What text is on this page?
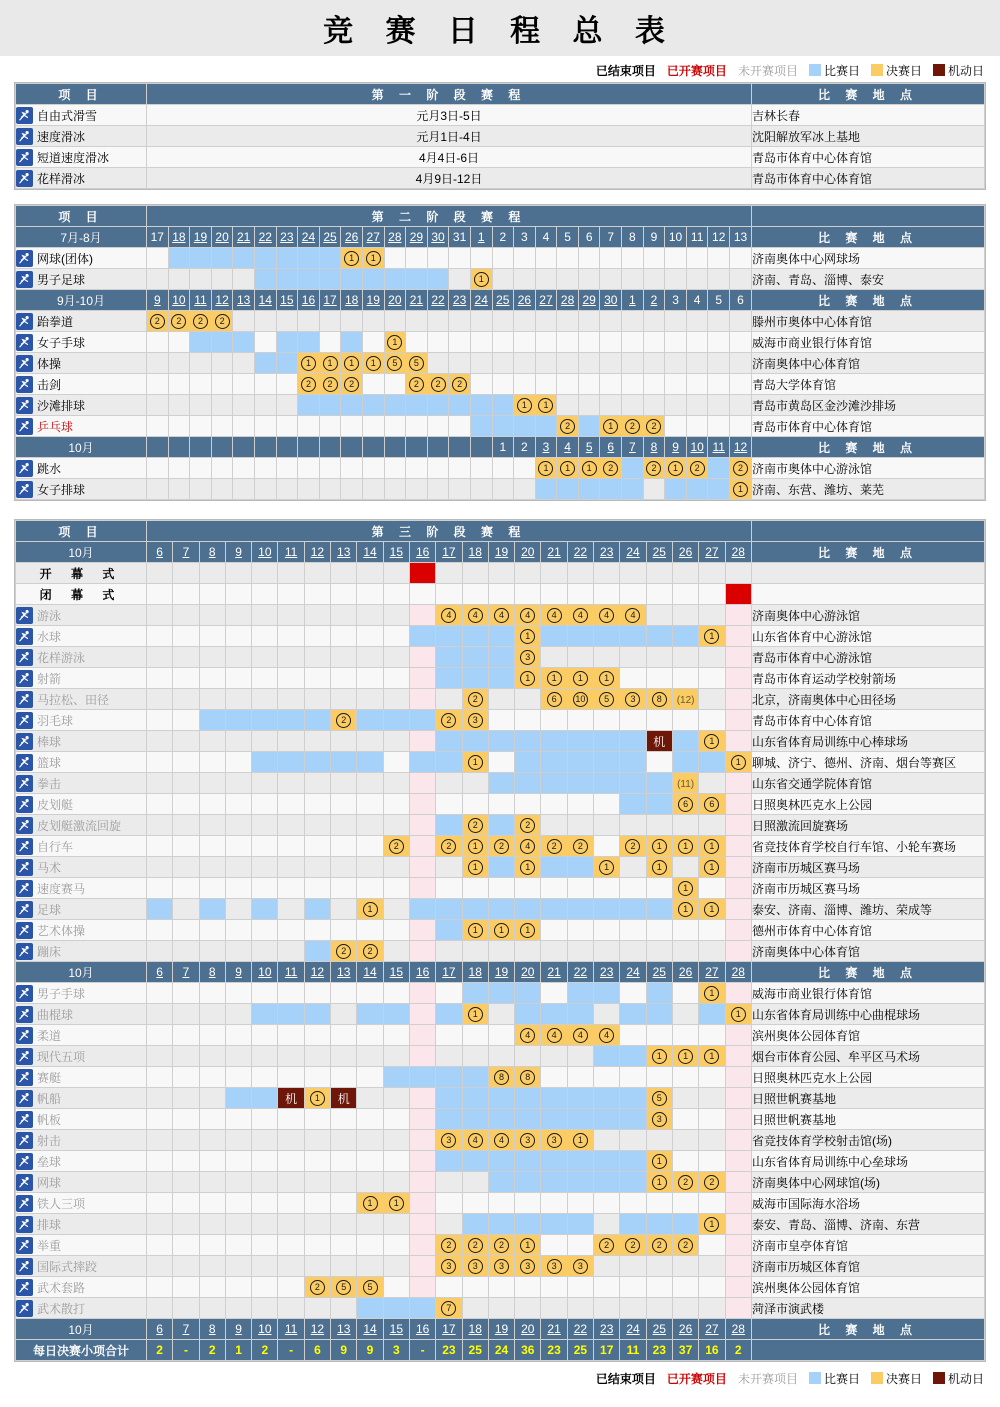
竞 赛 日 程 总 表
已结束项目 已开赛项目 未开赛项目 比赛日 决赛日 机动日
项 目	第 一 阶 段 赛 程	比 赛 地 点

自由式滑雪	元月3日-5日	吉林长春

速度滑冰	元月1日-4日	沈阳解放军冰上基地

短道速度滑冰	4月4日-6日	青岛市体育中心体育馆

花样滑冰	4月9日-12日	青岛市体育中心体育馆
项 目	第 二 阶 段 赛 程																												
7月-8月	17	18	19	20	21	22	23	24	25	26	27	28	29	30	31	1	2	3	4	5	6	7	8	9	10	11	12	13	比 赛 地 点

网球(团体)										1	1																		济南奥体中心网球场

男子足球																1													济南、青岛、淄博、泰安
9月-10月	9	10	11	12	13	14	15	16	17	18	19	20	21	22	23	24	25	26	27	28	29	30	1	2	3	4	5	6	比 赛 地 点

跆拳道	2	2	2	2																									滕州市奥体中心体育馆

女子手球												1																	威海市商业银行体育馆

体操								1	1	1	1	5	5																济南奥体中心体育馆

击剑								2	2	2			2	2	2														青岛大学体育馆

沙滩排球																		1	1										青岛市黄岛区金沙滩沙排场

乒乓球																				2		1	2	2					青岛市体育中心体育馆
10月																	1	2	3	4	5	6	7	8	9	10	11	12	比 赛 地 点

跳水																			1	1	1	2		2	1	2		2	济南市奥体中心游泳馆

女子排球																												1	济南、东营、潍坊、莱芜
项 目	第 三 阶 段 赛 程																							
10月	6	7	8	9	10	11	12	13	14	15	16	17	18	19	20	21	22	23	24	25	26	27	28	比 赛 地 点
开 幕 式																								
闭 幕 式																								

游泳												4	4	4	4	4	4	4	4					济南奥体中心游泳馆

水球															1							1		山东省体育中心游泳馆

花样游泳															3									青岛市体育中心游泳馆

射箭															1	1	1	1						青岛市体育运动学校射箭场

马拉松、田径													2			6	10	5	3	8	(12)			北京，济南奥体中心田径场

羽毛球								2				2	3											青岛市体育中心体育馆

棒球																				机		1		山东省体育局训练中心棒球场

篮球													1										1	聊城、济宁、德州、济南、烟台等赛区

拳击																					(11)			山东省交通学院体育馆

皮划艇																					6	6		日照奥林匹克水上公园

皮划艇激流回旋													2		2									日照激流回旋赛场

自行车										2		2	1	2	4	2	2		2	1	1	1		省竞技体育学校自行车馆、小轮车赛场

马术													1		1			1		1		1		济南市历城区赛马场

速度赛马																					1			济南市历城区赛马场

足球									1												1	1		泰安、济南、淄博、潍坊、荣成等

艺术体操													1	1	1									德州市体育中心体育馆

蹦床								2	2															济南奥体中心体育馆
10月	6	7	8	9	10	11	12	13	14	15	16	17	18	19	20	21	22	23	24	25	26	27	28	比 赛 地 点

男子手球																						1		威海市商业银行体育馆

曲棍球													1										1	山东省体育局训练中心曲棍球场

柔道															4	4	4	4						滨州奥体公园体育馆

现代五项																				1	1	1		烟台市体育公园、牟平区马术场

赛艇														8	8									日照奥林匹克水上公园

帆船						机	1	机												5				日照世帆赛基地

帆板																				3				日照世帆赛基地

射击												3	4	4	3	3	1							省竞技体育学校射击馆(场)

垒球																				1				山东省体育局训练中心垒球场

网球																				1	2	2		济南奥体中心网球馆(场)

铁人三项									1	1														威海市国际海水浴场

排球																						1		泰安、青岛、淄博、济南、东营

举重												2	2	2	1			2	2	2	2			济南市皇亭体育馆

国际式摔跤												3	3	3	3	3	3							济南市历城区体育馆

武术套路							2	5	5															滨州奥体公园体育馆

武术散打												7												菏泽市演武楼
10月	6	7	8	9	10	11	12	13	14	15	16	17	18	19	20	21	22	23	24	25	26	27	28	比 赛 地 点
每日决赛小项合计	2	-	2	1	2	-	6	9	9	3	-	23	25	24	36	23	25	17	11	23	37	16	2	
已结束项目 已开赛项目 未开赛项目 比赛日 决赛日 机动日
